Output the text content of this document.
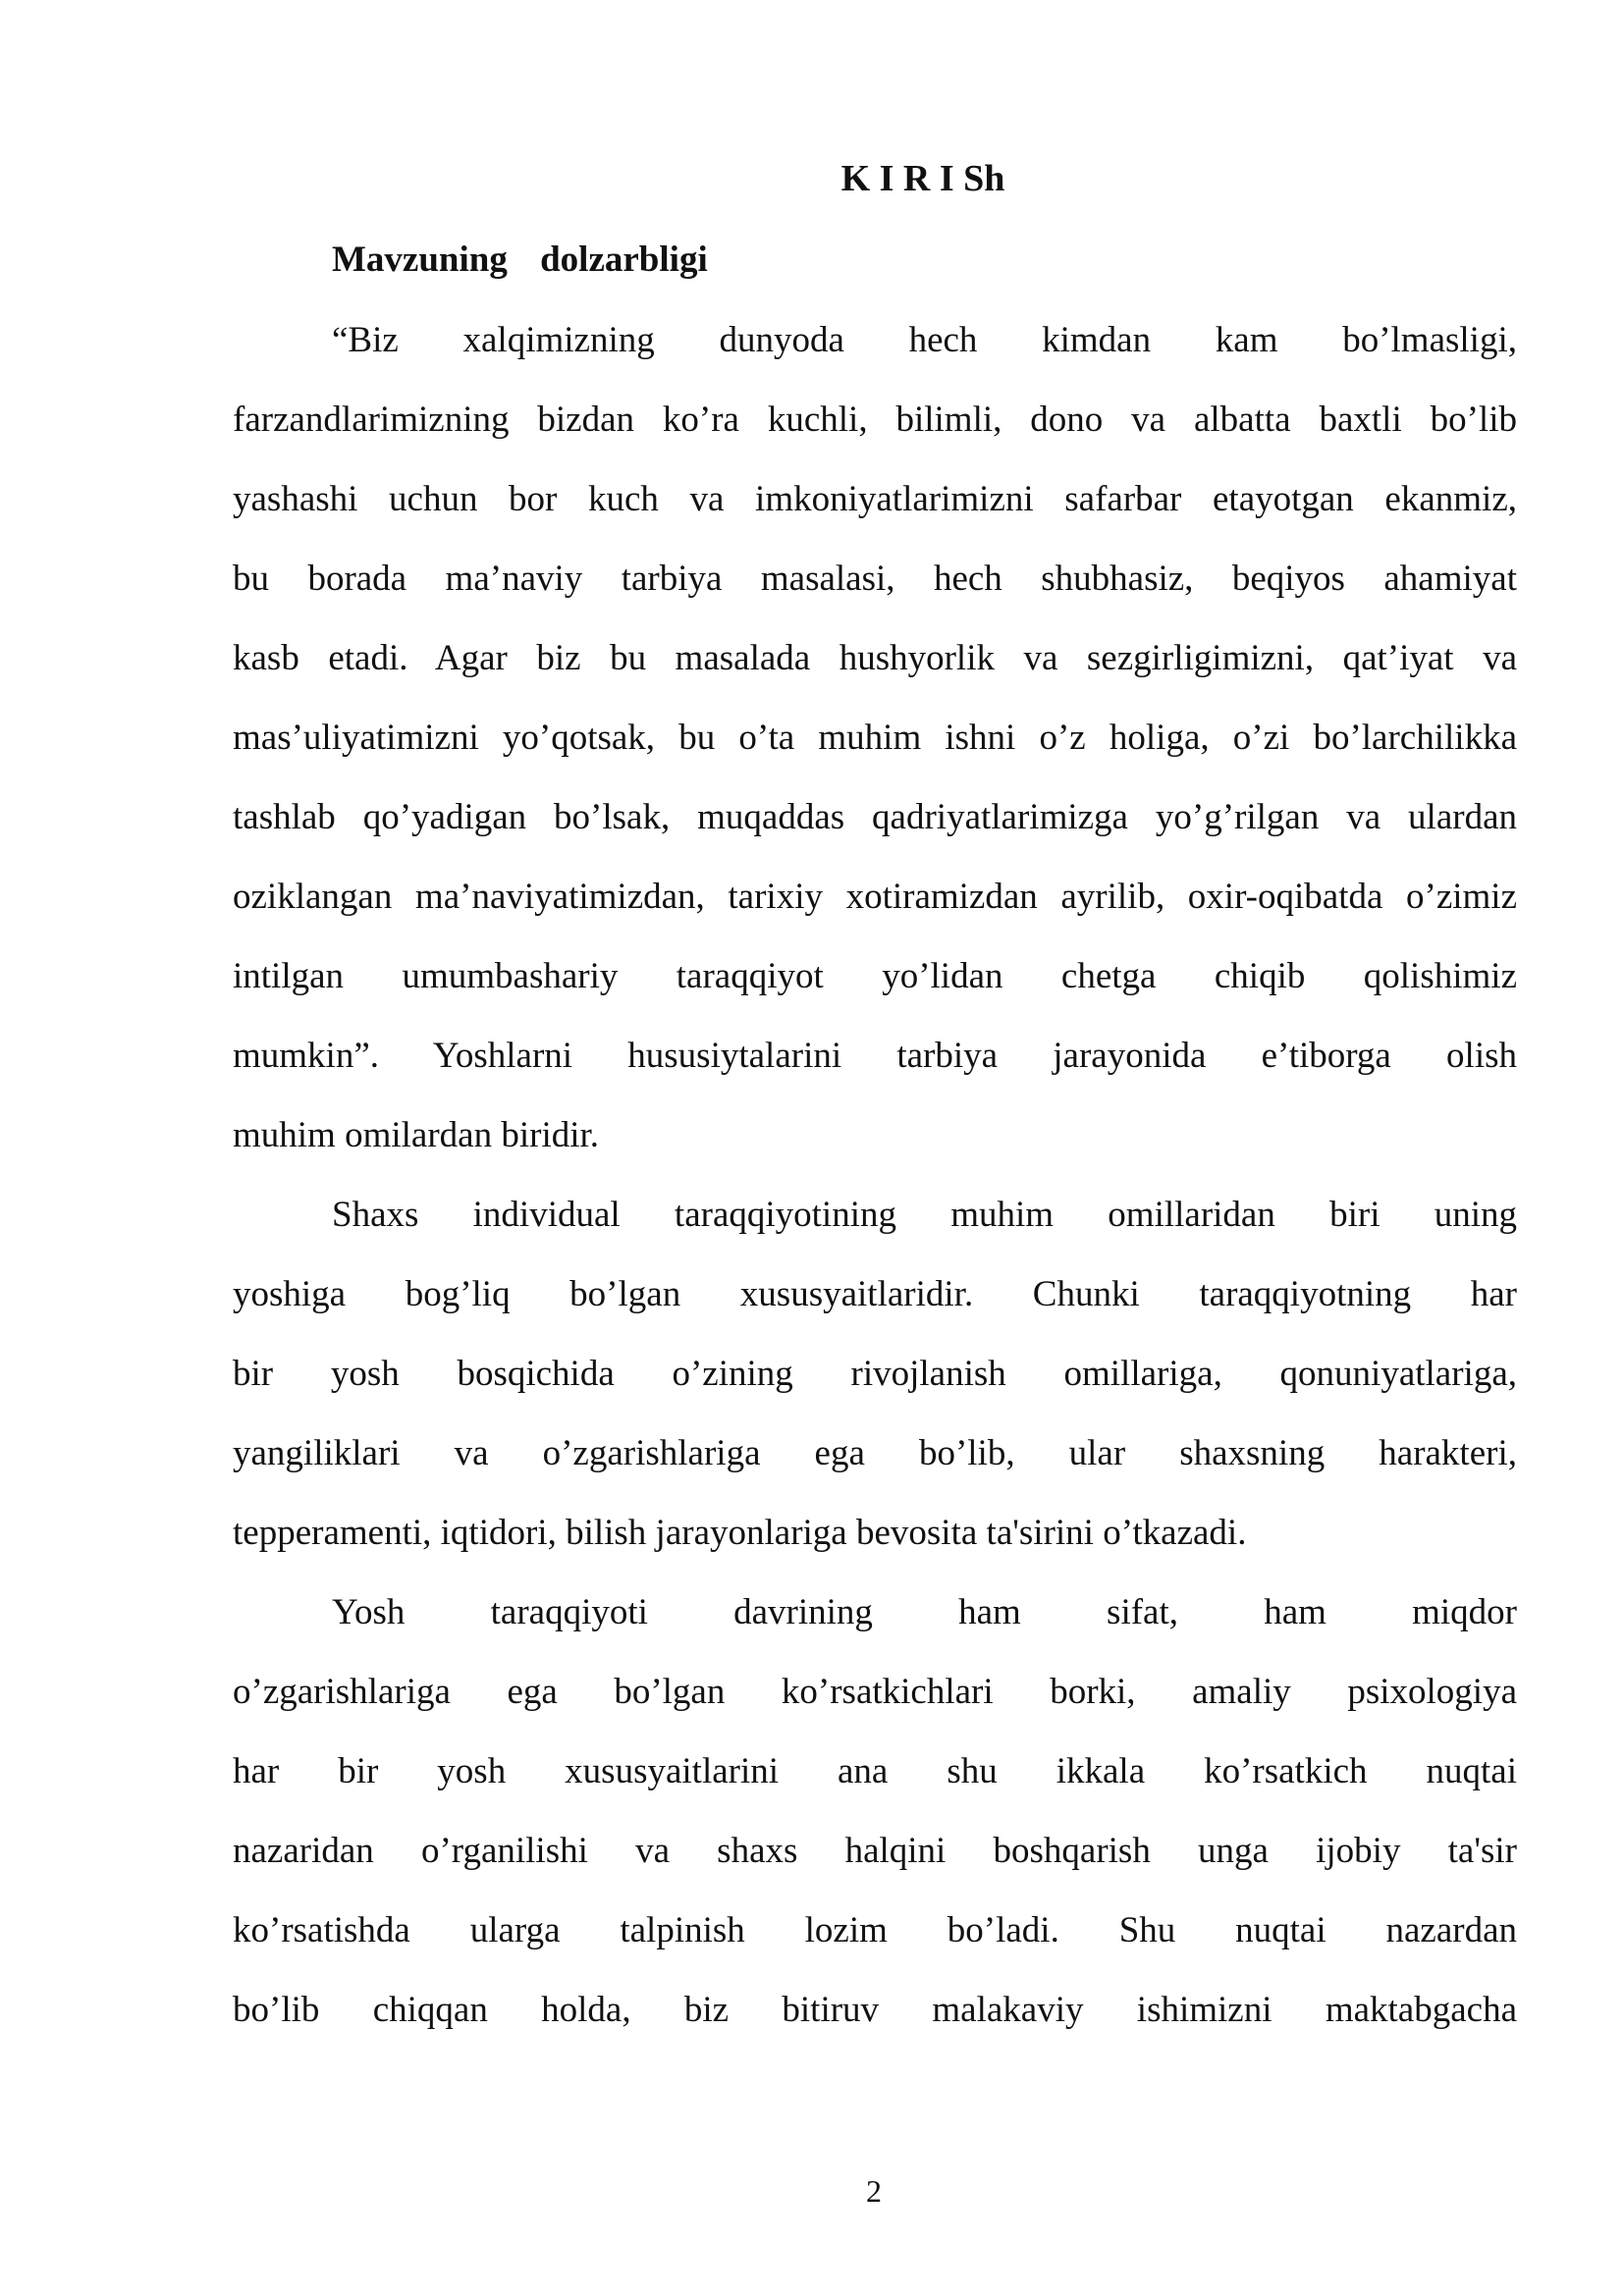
K I R I Sh
Mavzuning dolzarbligi
“Biz xalqimizning dunyoda hech kimdan kam bo’lmasligi,
farzandlarimizning bizdan ko’ra kuchli, bilimli, dono va albatta baxtli bo’lib
yashashi uchun bor kuch va imkoniyatlarimizni safarbar etayotgan ekanmiz,
bu borada ma’naviy tarbiya masalasi, hech shubhasiz, beqiyos ahamiyat
kasb etadi. Agar biz bu masalada hushyorlik va sezgirligimizni, qat’iyat va
mas’uliyatimizni yo’qotsak, bu o’ta muhim ishni o’z holiga, o’zi bo’larchilikka
tashlab qo’yadigan bo’lsak, muqaddas qadriyatlarimizga yo’g’rilgan va ulardan
oziklangan ma’naviyatimizdan, tarixiy xotiramizdan ayrilib, oxir-oqibatda o’zimiz
intilgan umumbashariy taraqqiyot yo’lidan chetga chiqib qolishimiz
mumkin”. Yoshlarni hususiytalarini tarbiya jarayonida e’tiborga olish
muhim omilardan biridir.
Shaxs individual taraqqiyotining muhim omillaridan biri uning
yoshiga bog’liq bo’lgan xususyaitlaridir. Chunki taraqqiyotning har
bir yosh bosqichida o’zining rivojlanish omillariga, qonuniyatlariga,
yangiliklari va o’zgarishlariga ega bo’lib, ular shaxsning harakteri,
tepperamenti, iqtidori, bilish jarayonlariga bevosita ta'sirini o’tkazadi.
Yosh taraqqiyoti davrining ham sifat, ham miqdor
o’zgarishlariga ega bo’lgan ko’rsatkichlari borki, amaliy psixologiya
har bir yosh xususyaitlarini ana shu ikkala ko’rsatkich nuqtai
nazaridan o’rganilishi va shaxs halqini boshqarish unga ijobiy ta'sir
ko’rsatishda ularga talpinish lozim bo’ladi. Shu nuqtai nazardan
bo’lib chiqqan holda, biz bitiruv malakaviy ishimizni maktabgacha
2
